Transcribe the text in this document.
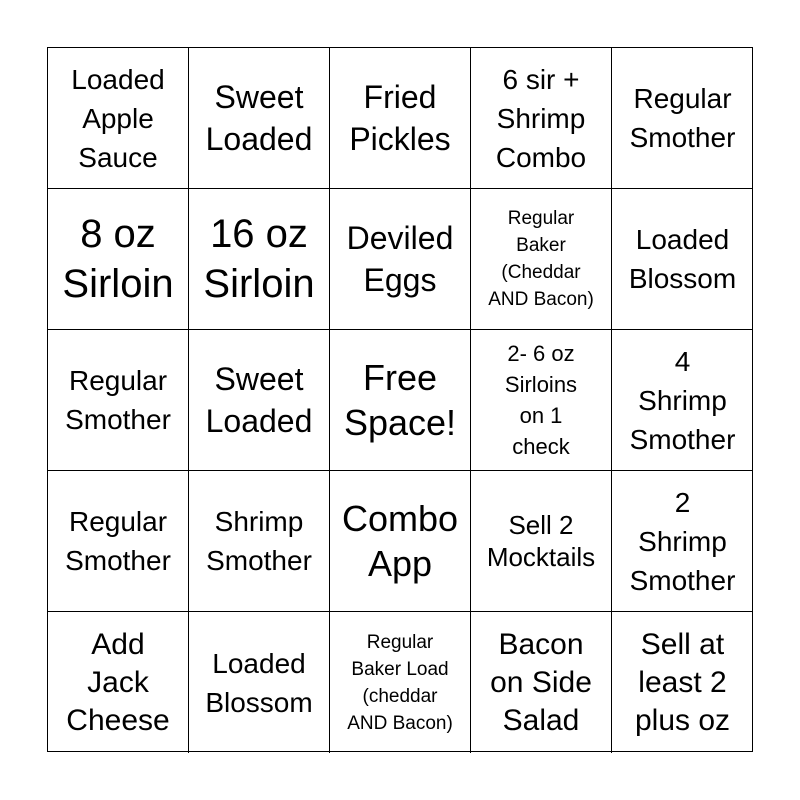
Loaded
Apple
Sauce
Sweet
Loaded
Fried
Pickles
6 sir +
Shrimp
Combo
Regular
Smother
8 oz
Sirloin
16 oz
Sirloin
Deviled
Eggs
Regular
Baker
(Cheddar
AND Bacon)
Loaded
Blossom
Regular
Smother
Sweet
Loaded
Free
Space!
2- 6 oz
Sirloins
on 1
check
4
Shrimp
Smother
Regular
Smother
Shrimp
Smother
Combo
App
Sell 2
Mocktails
2
Shrimp
Smother
Add
Jack
Cheese
Loaded
Blossom
Regular
Baker Load
(cheddar
AND Bacon)
Bacon
on Side
Salad
Sell at
least 2
plus oz
